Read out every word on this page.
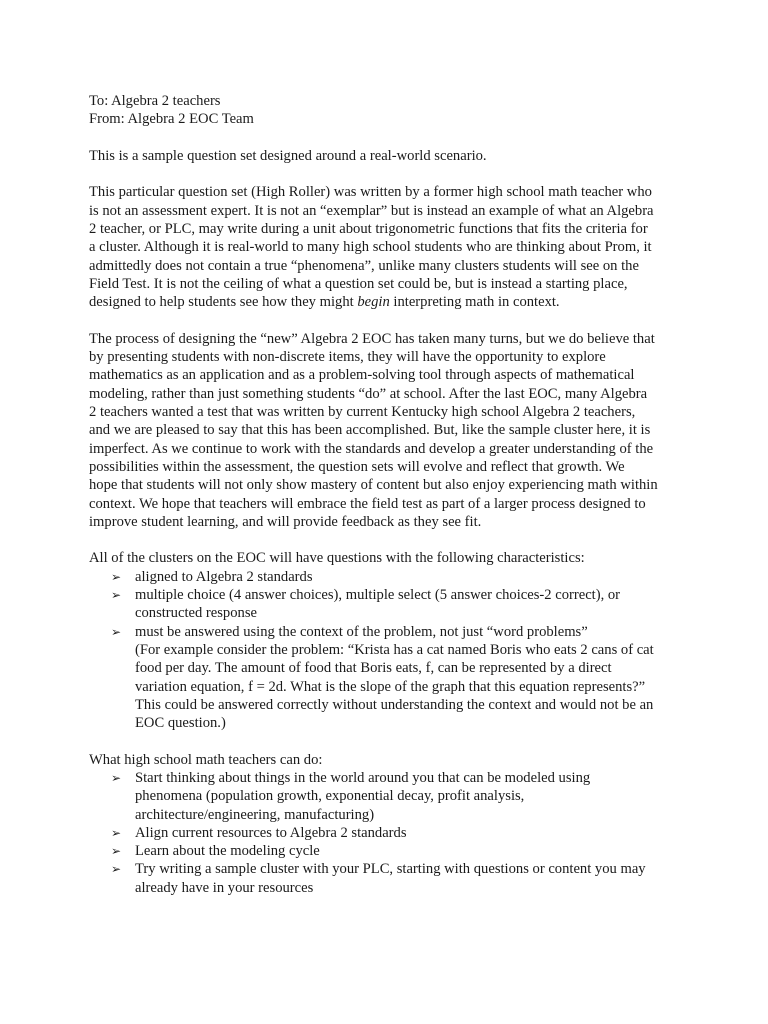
To: Algebra 2 teachers
From: Algebra 2 EOC Team
This is a sample question set designed around a real-world scenario.
This particular question set (High Roller) was written by a former high school math teacher who
is not an assessment expert. It is not an “exemplar” but is instead an example of what an Algebra
2 teacher, or PLC, may write during a unit about trigonometric functions that fits the criteria for
a cluster. Although it is real-world to many high school students who are thinking about Prom, it
admittedly does not contain a true “phenomena”, unlike many clusters students will see on the
Field Test. It is not the ceiling of what a question set could be, but is instead a starting place,
designed to help students see how they might begin interpreting math in context.
The process of designing the “new” Algebra 2 EOC has taken many turns, but we do believe that
by presenting students with non-discrete items, they will have the opportunity to explore
mathematics as an application and as a problem-solving tool through aspects of mathematical
modeling, rather than just something students “do” at school. After the last EOC, many Algebra
2 teachers wanted a test that was written by current Kentucky high school Algebra 2 teachers,
and we are pleased to say that this has been accomplished. But, like the sample cluster here, it is
imperfect. As we continue to work with the standards and develop a greater understanding of the
possibilities within the assessment, the question sets will evolve and reflect that growth. We
hope that students will not only show mastery of content but also enjoy experiencing math within
context. We hope that teachers will embrace the field test as part of a larger process designed to
improve student learning, and will provide feedback as they see fit.
All of the clusters on the EOC will have questions with the following characteristics:
➢ aligned to Algebra 2 standards
➢ multiple choice (4 answer choices), multiple select (5 answer choices-2 correct), or
constructed response
➢ must be answered using the context of the problem, not just “word problems”
(For example consider the problem: “Krista has a cat named Boris who eats 2 cans of cat
food per day. The amount of food that Boris eats, f, can be represented by a direct
variation equation, f = 2d. What is the slope of the graph that this equation represents?”
This could be answered correctly without understanding the context and would not be an
EOC question.)
What high school math teachers can do:
➢ Start thinking about things in the world around you that can be modeled using
phenomena (population growth, exponential decay, profit analysis,
architecture/engineering, manufacturing)
➢ Align current resources to Algebra 2 standards
➢ Learn about the modeling cycle
➢ Try writing a sample cluster with your PLC, starting with questions or content you may
already have in your resources
